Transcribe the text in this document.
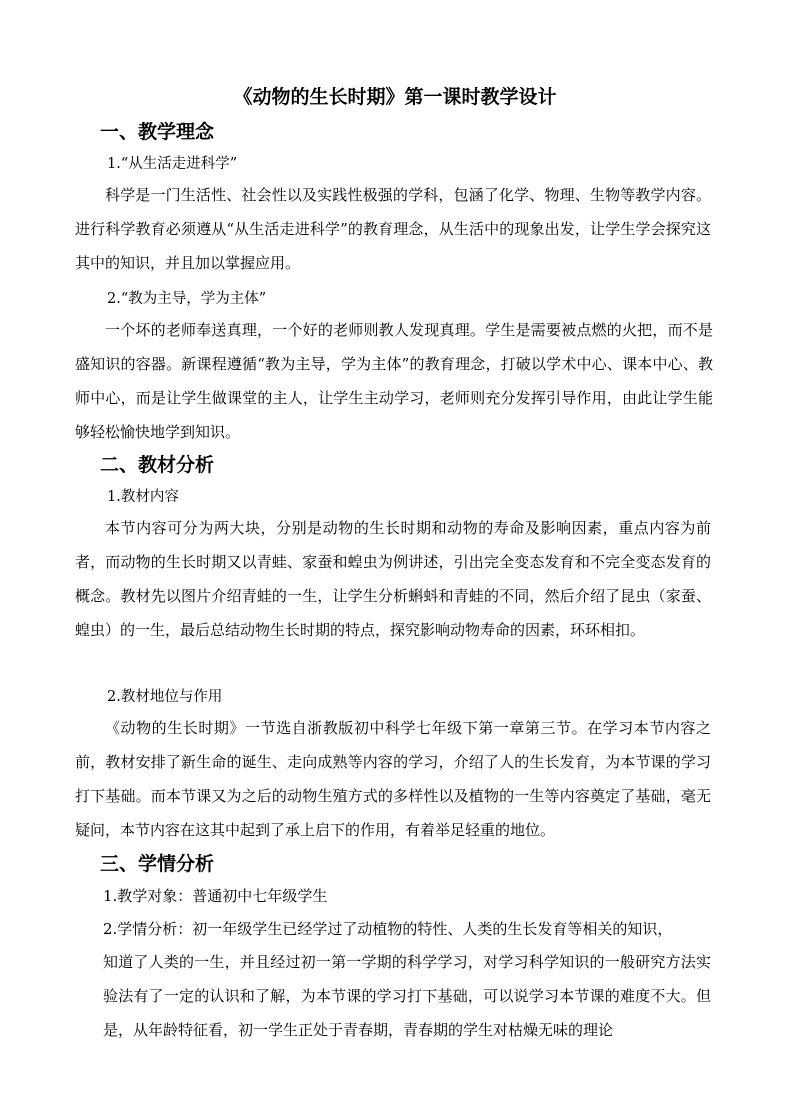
《动物的生长时期》第一课时教学设计
一、教学理念
1.“从生活走进科学”

科学是一门生活性、社会性以及实践性极强的学科，包涵了化学、物理、生物等教学内容。进行科学教育必须遵从“从生活走进科学”的教育理念，从生活中的现象出发，让学生学会探究这其中的知识，并且加以掌握应用。

2.“教为主导，学为主体”

一个坏的老师奉送真理，一个好的老师则教人发现真理。学生是需要被点燃的火把，而不是盛知识的容器。新课程遵循“教为主导，学为主体”的教育理念，打破以学术中心、课本中心、教师中心，而是让学生做课堂的主人，让学生主动学习，老师则充分发挥引导作用，由此让学生能够轻松愉快地学到知识。

二、教材分析
1.教材内容

本节内容可分为两大块，分别是动物的生长时期和动物的寿命及影响因素，重点内容为前者，而动物的生长时期又以青蛙、家蚕和蝗虫为例讲述，引出完全变态发育和不完全变态发育的概念。教材先以图片介绍青蛙的一生，让学生分析蝌蚪和青蛙的不同，然后介绍了昆虫（家蚕、蝗虫）的一生，最后总结动物生长时期的特点，探究影响动物寿命的因素，环环相扣。

2.教材地位与作用

《动物的生长时期》一节选自浙教版初中科学七年级下第一章第三节。在学习本节内容之前，教材安排了新生命的诞生、走向成熟等内容的学习，介绍了人的生长发育，为本节课的学习打下基础。而本节课又为之后的动物生殖方式的多样性以及植物的一生等内容奠定了基础，毫无疑问，本节内容在这其中起到了承上启下的作用，有着举足轻重的地位。

三、学情分析
1.教学对象：普通初中七年级学生
2.学情分析：初一年级学生已经学过了动植物的特性、人类的生长发育等相关的知识，

知道了人类的一生，并且经过初一第一学期的科学学习，对学习科学知识的一般研究方法实验法有了一定的认识和了解，为本节课的学习打下基础，可以说学习本节课的难度不大。但是，从年龄特征看，初一学生正处于青春期，青春期的学生对枯燥无味的理论
